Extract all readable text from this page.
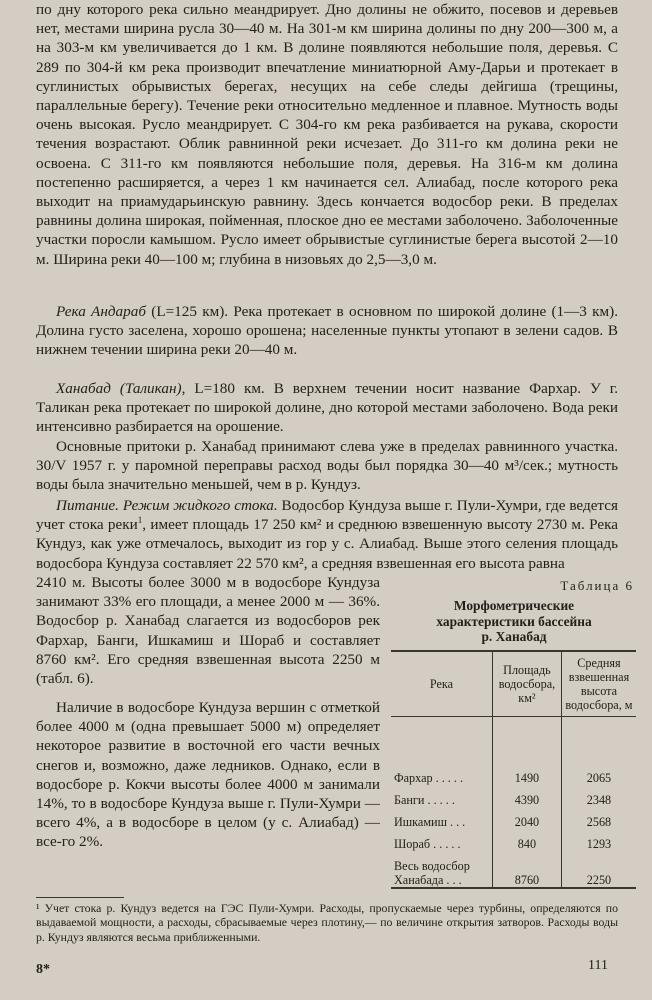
по дну которого река сильно меандрирует. Дно долины не обжито, посевов и деревьев нет, местами ширина русла 30—40 м. На 301-м км ширина долины по дну 200—300 м, а на 303-м км увеличивается до 1 км. В долине появляются небольшие поля, деревья. С 289 по 304-й км река производит впечатление миниатюрной Аму-Дарьи и протекает в суглинистых обрывистых берегах, несущих на себе следы дейгиша (трещины, параллельные берегу). Течение реки относительно медленное и плавное. Мутность воды очень высокая. Русло меандрирует. С 304-го км река разбивается на рукава, скорости течения возрастают. Облик равнинной реки исчезает. До 311-го км долина реки не освоена. С 311-го км появляются небольшие поля, деревья. На 316-м км долина постепенно расширяется, а через 1 км начинается сел. Алиабад, после которого река выходит на приамударьинскую равнину. Здесь кончается водосбор реки. В пределах равнины долина широкая, пойменная, плоское дно ее местами заболочено. Заболоченные участки поросли камышом. Русло имеет обрывистые суглинистые берега высотой 2—10 м. Ширина реки 40—100 м; глубина в низовьях до 2,5—3,0 м.

Река Андараб (L=125 км). Река протекает в основном по широкой долине (1—3 км). Долина густо заселена, хорошо орошена; населенные пункты утопают в зелени садов. В нижнем течении ширина реки 20—40 м.

Ханабад (Таликан), L=180 км. В верхнем течении носит название Фархар. У г. Таликан река протекает по широкой долине, дно которой местами заболочено. Вода реки интенсивно разбирается на орошение.

Основные притоки р. Ханабад принимают слева уже в пределах равнинного участка. 30/V 1957 г. у паромной переправы расход воды был порядка 30—40 м³/сек.; мутность воды была значительно меньшей, чем в р. Кундуз.

Питание. Режим жидкого стока. Водосбор Кундуза выше г. Пули-Хумри, где ведется учет стока реки$^1$, имеет площадь 17 250 км² и среднюю взвешенную высоту 2730 м. Река Кундуз, как уже отмечалось, выходит из гор у с. Алиабад. Выше этого селения площадь водосбора Кундуза составляет 22 570 км², а средняя взвешенная его высота равна

2410 м. Высоты более 3000 м в водосборе Кундуза занимают 33% его площади, а менее 2000 м — 36%. Водосбор р. Ханабад слагается из водосборов рек Фархар, Банги, Ишкамиш и Шораб и составляет 8760 км². Его средняя взвешенная высота 2250 м (табл. 6).

Наличие в водосборе Кундуза вершин с отметкой более 4000 м (одна превышает 5000 м) определяет некоторое развитие в восточной его части вечных снегов и, возможно, даже ледников. Однако, если в водосборе р. Кокчи высоты более 4000 м занимали 14%, то в водосборе Кундуза выше г. Пули-Хумри — всего 4%, а в водосборе в целом (у с. Алиабад) — все-го 2%.

Таблица 6
Морфометрические
характеристики бассейна
р. Ханабад
Река	Площадь водосбора, км²	Средняя взвешенная высота водосбора, м
Фархар . . . . .	1490	2065
Банги . . . . .	4390	2348
Ишкамиш . . .	2040	2568
Шораб . . . . .	840	1293
Весь водосбор Ханабада . . .	8760	2250

¹ Учет стока р. Кундуз ведется на ГЭС Пули-Хумри. Расходы, пропускаемые через турбины, определяются по выдаваемой мощности, а расходы, сбрасываемые через плотину,— по величине открытия затворов. Расходы воды р. Кундуз являются весьма приближенными.

8*	111
